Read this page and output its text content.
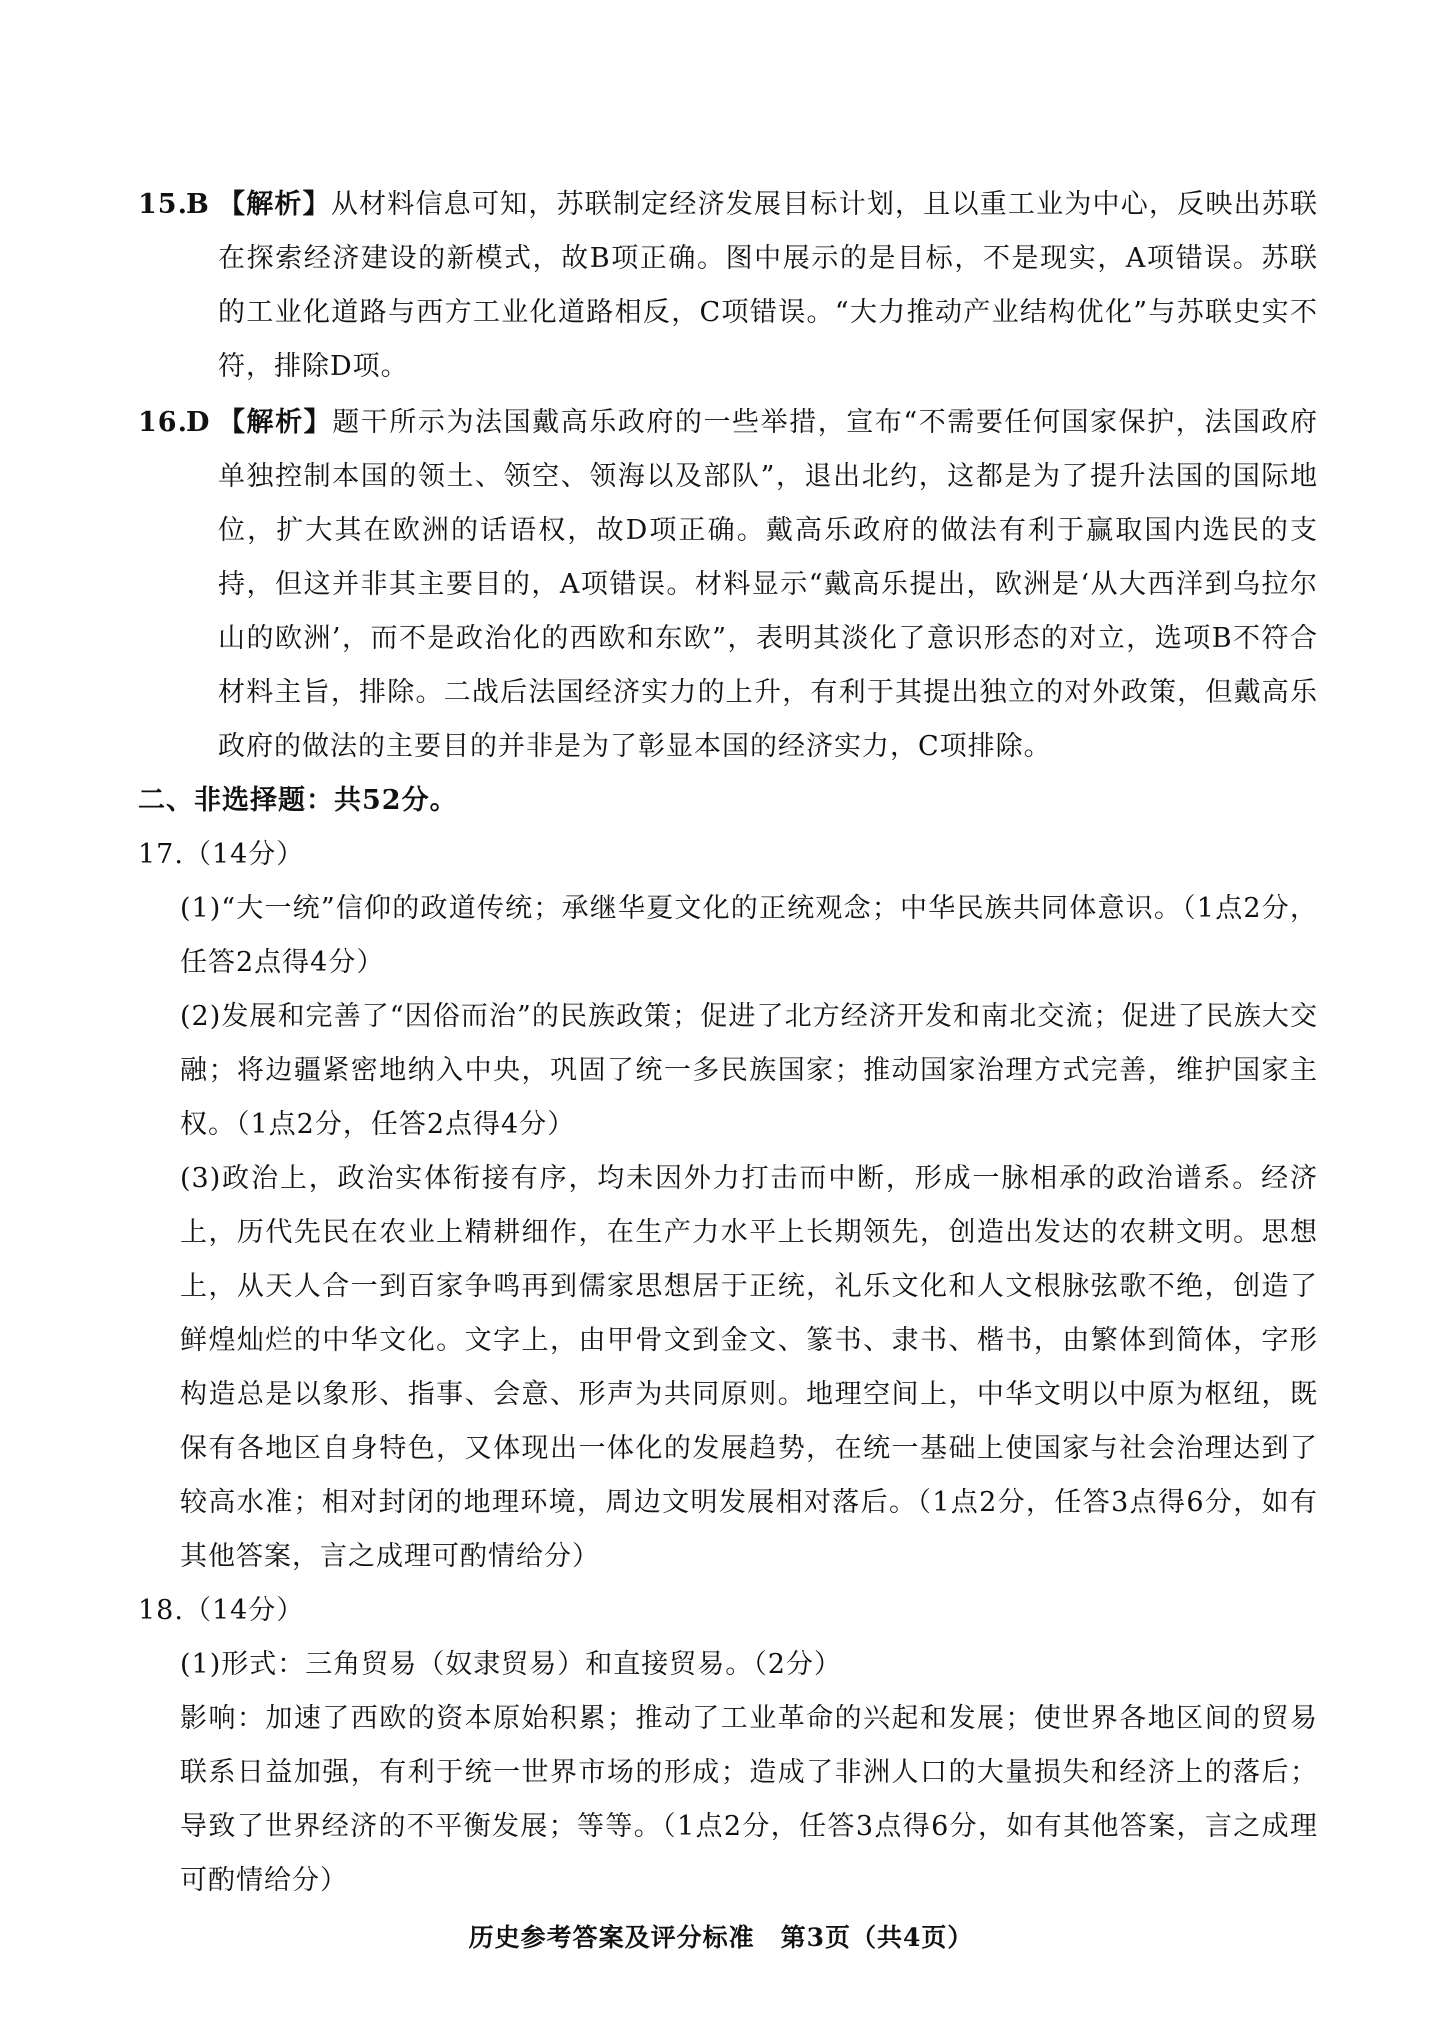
15.
B 【解析】从材料信息可知，苏联制定经济发展目标计划，且以重工业为中心，反映出苏联在探索经济建设的新模式，故B项正确。图中展示的是目标，不是现实，A项错误。苏联的工业化道路与西方工业化道路相反，C项错误。“大力推动产业结构优化”与苏联史实不符，排除D项。
16.
D 【解析】题干所示为法国戴高乐政府的一些举措，宣布“不需要任何国家保护，法国政府单独控制本国的领土、领空、领海以及部队”，退出北约，这都是为了提升法国的国际地位，扩大其在欧洲的话语权，故D项正确。戴高乐政府的做法有利于赢取国内选民的支持，但这并非其主要目的，A项错误。材料显示“戴高乐提出，欧洲是‘从大西洋到乌拉尔山的欧洲’，而不是政治化的西欧和东欧”，表明其淡化了意识形态的对立，选项B不符合材料主旨，排除。二战后法国经济实力的上升，有利于其提出独立的对外政策，但戴高乐政府的做法的主要目的并非是为了彰显本国的经济实力，C项排除。
二、非选择题：共52分。
17.（14分）
(1)“大一统”信仰的政道传统；承继华夏文化的正统观念；中华民族共同体意识。（1点2分，任答2点得4分）
(2)发展和完善了“因俗而治”的民族政策；促进了北方经济开发和南北交流；促进了民族大交融；将边疆紧密地纳入中央，巩固了统一多民族国家；推动国家治理方式完善，维护国家主权。（1点2分，任答2点得4分）
(3)政治上，政治实体衔接有序，均未因外力打击而中断，形成一脉相承的政治谱系。经济上，历代先民在农业上精耕细作，在生产力水平上长期领先，创造出发达的农耕文明。思想上，从天人合一到百家争鸣再到儒家思想居于正统，礼乐文化和人文根脉弦歌不绝，创造了鲜煌灿烂的中华文化。文字上，由甲骨文到金文、篆书、隶书、楷书，由繁体到简体，字形构造总是以象形、指事、会意、形声为共同原则。地理空间上，中华文明以中原为枢纽，既保有各地区自身特色，又体现出一体化的发展趋势，在统一基础上使国家与社会治理达到了较高水准；相对封闭的地理环境，周边文明发展相对落后。（1点2分，任答3点得6分，如有其他答案，言之成理可酌情给分）
18.（14分）
(1)形式：三角贸易（奴隶贸易）和直接贸易。（2分）
影响：加速了西欧的资本原始积累；推动了工业革命的兴起和发展；使世界各地区间的贸易联系日益加强，有利于统一世界市场的形成；造成了非洲人口的大量损失和经济上的落后；导致了世界经济的不平衡发展；等等。（1点2分，任答3点得6分，如有其他答案，言之成理可酌情给分）
历史参考答案及评分标准　第3页（共4页）
